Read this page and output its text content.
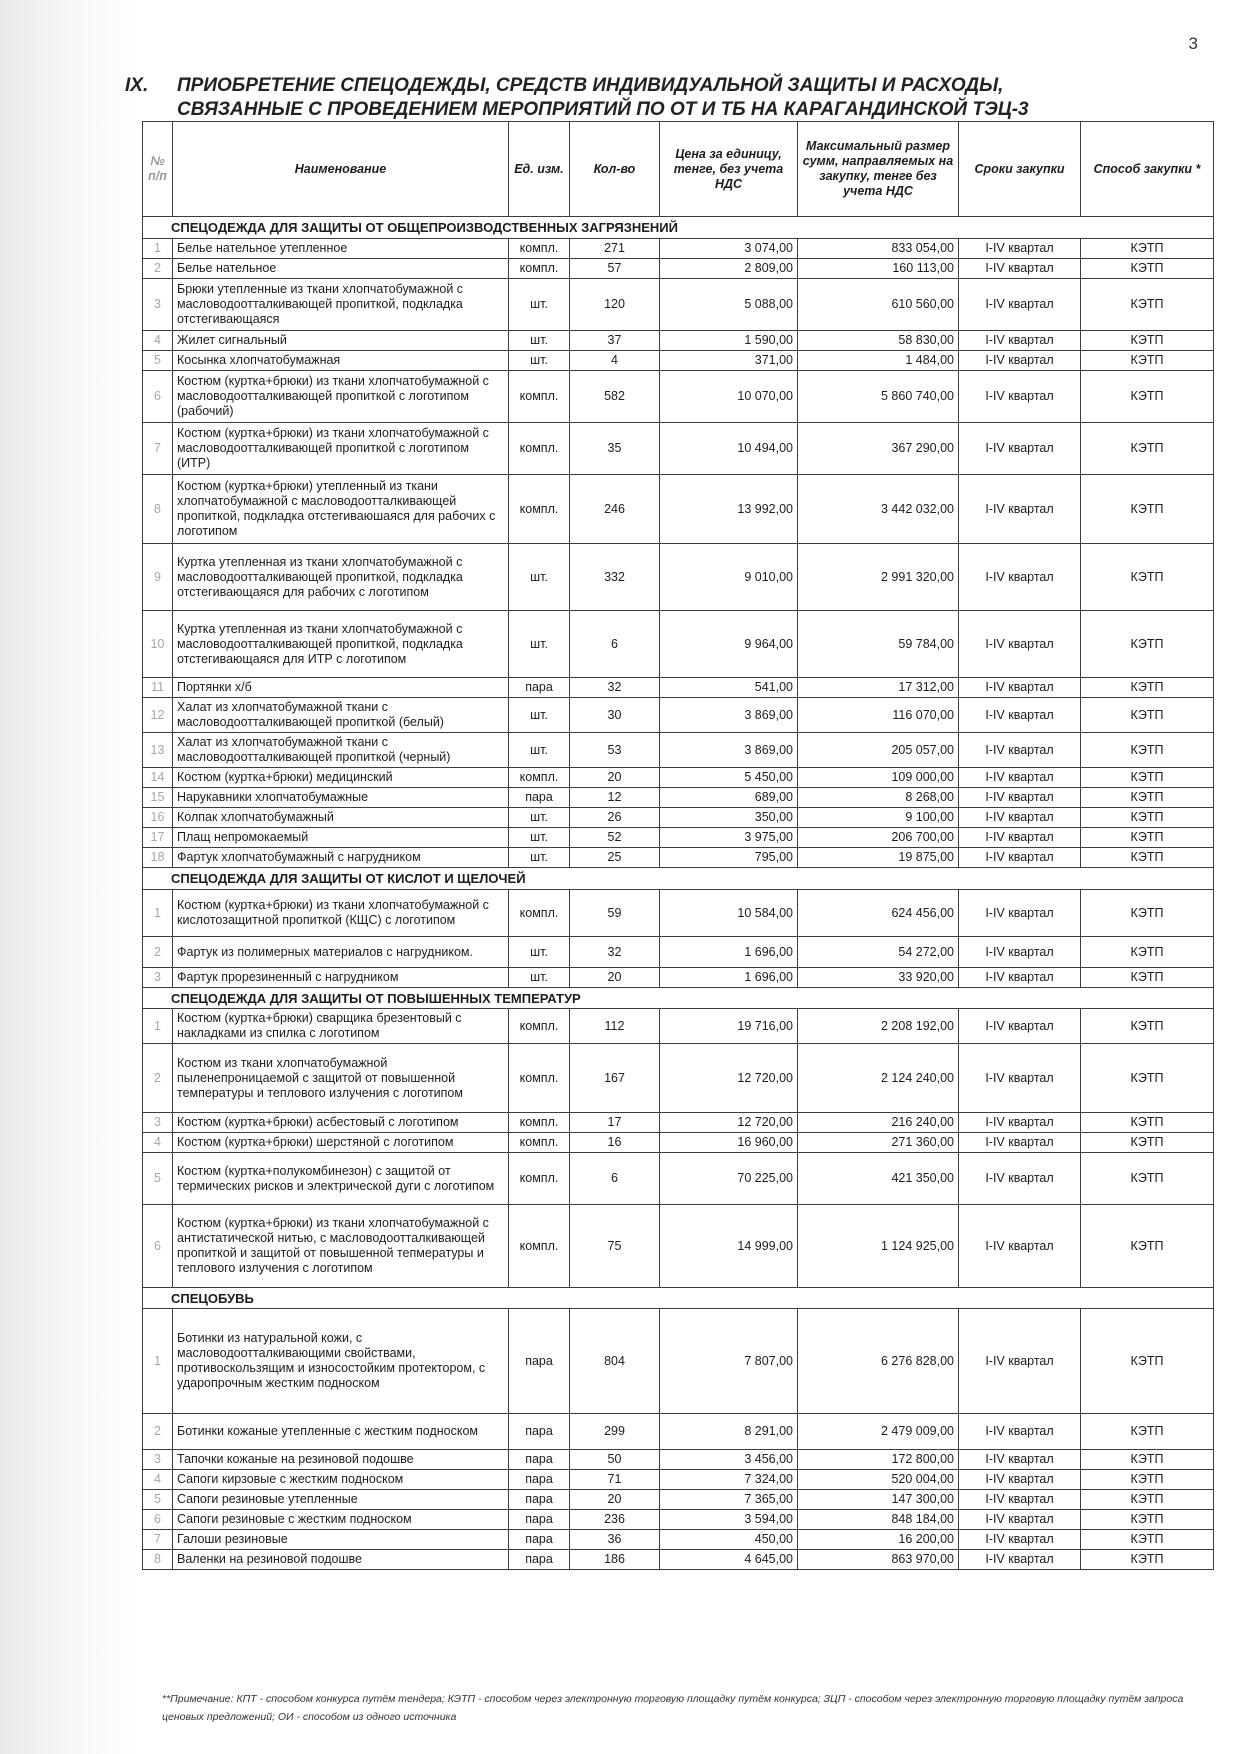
3
IX. ПРИОБРЕТЕНИЕ СПЕЦОДЕЖДЫ, СРЕДСТВ ИНДИВИДУАЛЬНОЙ ЗАЩИТЫ И РАСХОДЫ,
СВЯЗАННЫЕ С ПРОВЕДЕНИЕМ МЕРОПРИЯТИЙ ПО ОТ И ТБ НА КАРАГАНДИНСКОЙ ТЭЦ-3
№ п/п	Наименование	Ед. изм.	Кол-во	Цена за единицу, тенге, без учета НДС	Максимальный размер сумм, направляемых на закупку, тенге без учета НДС	Сроки закупки	Способ закупки *
СПЕЦОДЕЖДА ДЛЯ ЗАЩИТЫ ОТ ОБЩЕПРОИЗВОДСТВЕННЫХ ЗАГРЯЗНЕНИЙ							
1	Белье нательное утепленное	компл.	271	3 074,00	833 054,00	I-IV квартал	КЭТП
2	Белье нательное	компл.	57	2 809,00	160 113,00	I-IV квартал	КЭТП
3	Брюки утепленные из ткани хлопчатобумажной с масловодоотталкивающей пропиткой, подкладка отстегивающаяся	шт.	120	5 088,00	610 560,00	I-IV квартал	КЭТП
4	Жилет сигнальный	шт.	37	1 590,00	58 830,00	I-IV квартал	КЭТП
5	Косынка хлопчатобумажная	шт.	4	371,00	1 484,00	I-IV квартал	КЭТП
6	Костюм (куртка+брюки) из ткани хлопчатобумажной с масловодоотталкивающей пропиткой с логотипом (рабочий)	компл.	582	10 070,00	5 860 740,00	I-IV квартал	КЭТП
7	Костюм (куртка+брюки) из ткани хлопчатобумажной с масловодоотталкивающей пропиткой с логотипом (ИТР)	компл.	35	10 494,00	367 290,00	I-IV квартал	КЭТП
8	Костюм (куртка+брюки) утепленный из ткани хлопчатобумажной с масловодоотталкивающей пропиткой, подкладка отстегиваюшаяся для рабочих с логотипом	компл.	246	13 992,00	3 442 032,00	I-IV квартал	КЭТП
9	Куртка утепленная из ткани хлопчатобумажной с масловодоотталкивающей пропиткой, подкладка отстегивающаяся для рабочих с логотипом	шт.	332	9 010,00	2 991 320,00	I-IV квартал	КЭТП
10	Куртка утепленная из ткани хлопчатобумажной с масловодоотталкивающей пропиткой, подкладка отстегивающаяся для ИТР с логотипом	шт.	6	9 964,00	59 784,00	I-IV квартал	КЭТП
11	Портянки х/б	пара	32	541,00	17 312,00	I-IV квартал	КЭТП
12	Халат из хлопчатобумажной ткани с масловодоотталкивающей пропиткой (белый)	шт.	30	3 869,00	116 070,00	I-IV квартал	КЭТП
13	Халат из хлопчатобумажной ткани с масловодоотталкивающей пропиткой (черный)	шт.	53	3 869,00	205 057,00	I-IV квартал	КЭТП
14	Костюм (куртка+брюки) медицинский	компл.	20	5 450,00	109 000,00	I-IV квартал	КЭТП
15	Нарукавники хлопчатобумажные	пара	12	689,00	8 268,00	I-IV квартал	КЭТП
16	Колпак хлопчатобумажный	шт.	26	350,00	9 100,00	I-IV квартал	КЭТП
17	Плащ непромокаемый	шт.	52	3 975,00	206 700,00	I-IV квартал	КЭТП
18	Фартук хлопчатобумажный с нагрудником	шт.	25	795,00	19 875,00	I-IV квартал	КЭТП
СПЕЦОДЕЖДА ДЛЯ ЗАЩИТЫ ОТ КИСЛОТ И ЩЕЛОЧЕЙ							
1	Костюм (куртка+брюки) из ткани хлопчатобумажной с кислотозащитной пропиткой (КЩС) с логотипом	компл.	59	10 584,00	624 456,00	I-IV квартал	КЭТП
2	Фартук из полимерных материалов с нагрудником.	шт.	32	1 696,00	54 272,00	I-IV квартал	КЭТП
3	Фартук прорезиненный с нагрудником	шт.	20	1 696,00	33 920,00	I-IV квартал	КЭТП
СПЕЦОДЕЖДА ДЛЯ ЗАЩИТЫ ОТ ПОВЫШЕННЫХ ТЕМПЕРАТУР							
1	Костюм (куртка+брюки) сварщика брезентовый с накладками из спилка с логотипом	компл.	112	19 716,00	2 208 192,00	I-IV квартал	КЭТП
2	Костюм из ткани хлопчатобумажной пыленепроницаемой с защитой от повышенной температуры и теплового излучения с логотипом	компл.	167	12 720,00	2 124 240,00	I-IV квартал	КЭТП
3	Костюм (куртка+брюки) асбестовый с логотипом	компл.	17	12 720,00	216 240,00	I-IV квартал	КЭТП
4	Костюм (куртка+брюки) шерстяной с логотипом	компл.	16	16 960,00	271 360,00	I-IV квартал	КЭТП
5	Костюм (куртка+полукомбинезон) с защитой от термических рисков и электрической дуги с логотипом	компл.	6	70 225,00	421 350,00	I-IV квартал	КЭТП
6	Костюм (куртка+брюки) из ткани хлопчатобумажной с антистатической нитью, с масловодоотталкивающей пропиткой и защитой от повышенной тепмературы и теплового излучения с логотипом	компл.	75	14 999,00	1 124 925,00	I-IV квартал	КЭТП
СПЕЦОБУВЬ							
1	Ботинки из натуральной кожи, с масловодоотталкивающими свойствами, противоскользящим и износостойким протектором, с ударопрочным жестким подноском	пара	804	7 807,00	6 276 828,00	I-IV квартал	КЭТП
2	Ботинки кожаные утепленные с жестким подноском	пара	299	8 291,00	2 479 009,00	I-IV квартал	КЭТП
3	Тапочки кожаные на резиновой подошве	пара	50	3 456,00	172 800,00	I-IV квартал	КЭТП
4	Сапоги кирзовые с жестким подноском	пара	71	7 324,00	520 004,00	I-IV квартал	КЭТП
5	Сапоги резиновые утепленные	пара	20	7 365,00	147 300,00	I-IV квартал	КЭТП
6	Сапоги резиновые с жестким подноском	пара	236	3 594,00	848 184,00	I-IV квартал	КЭТП
7	Галоши резиновые	пара	36	450,00	16 200,00	I-IV квартал	КЭТП
8	Валенки на резиновой подошве	пара	186	4 645,00	863 970,00	I-IV квартал	КЭТП
**Примечание: КПТ - способом конкурса путём тендера; КЭТП - способом через электронную торговую площадку путём конкурса; ЗЦП - способом через электронную торговую площадку путём запроса ценовых предложений; ОИ - способом из одного источника
